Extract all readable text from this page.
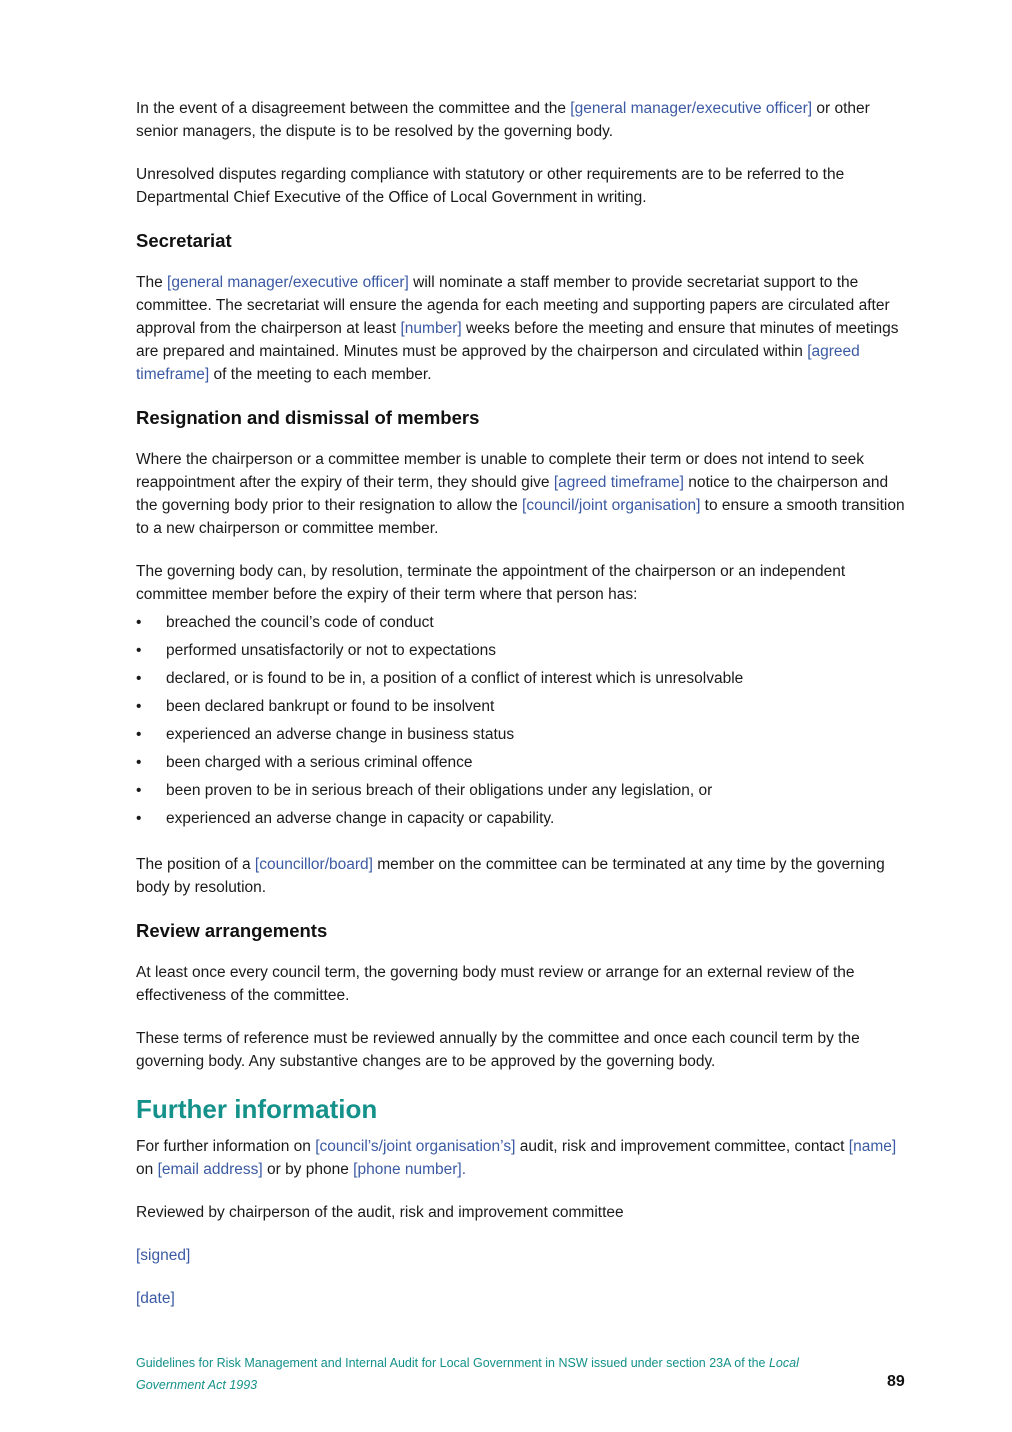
In the event of a disagreement between the committee and the [general manager/executive officer] or other senior managers, the dispute is to be resolved by the governing body.

Unresolved disputes regarding compliance with statutory or other requirements are to be referred to the Departmental Chief Executive of the Office of Local Government in writing.

Secretariat

The [general manager/executive officer] will nominate a staff member to provide secretariat support to the committee. The secretariat will ensure the agenda for each meeting and supporting papers are circulated after approval from the chairperson at least [number] weeks before the meeting and ensure that minutes of meetings are prepared and maintained. Minutes must be approved by the chairperson and circulated within [agreed timeframe] of the meeting to each member.

Resignation and dismissal of members

Where the chairperson or a committee member is unable to complete their term or does not intend to seek reappointment after the expiry of their term, they should give [agreed timeframe] notice to the chairperson and the governing body prior to their resignation to allow the [council/joint organisation] to ensure a smooth transition to a new chairperson or committee member.

The governing body can, by resolution, terminate the appointment of the chairperson or an independent committee member before the expiry of their term where that person has:

• breached the council’s code of conduct
• performed unsatisfactorily or not to expectations
• declared, or is found to be in, a position of a conflict of interest which is unresolvable
• been declared bankrupt or found to be insolvent
• experienced an adverse change in business status
• been charged with a serious criminal offence
• been proven to be in serious breach of their obligations under any legislation, or
• experienced an adverse change in capacity or capability.

The position of a [councillor/board] member on the committee can be terminated at any time by the governing body by resolution.

Review arrangements

At least once every council term, the governing body must review or arrange for an external review of the effectiveness of the committee.

These terms of reference must be reviewed annually by the committee and once each council term by the governing body. Any substantive changes are to be approved by the governing body.

Further information

For further information on [council’s/joint organisation’s] audit, risk and improvement committee, contact [name] on [email address] or by phone [phone number].

Reviewed by chairperson of the audit, risk and improvement committee

[signed]

[date]

Guidelines for Risk Management and Internal Audit for Local Government in NSW issued under section 23A of the Local Government Act 1993	89
